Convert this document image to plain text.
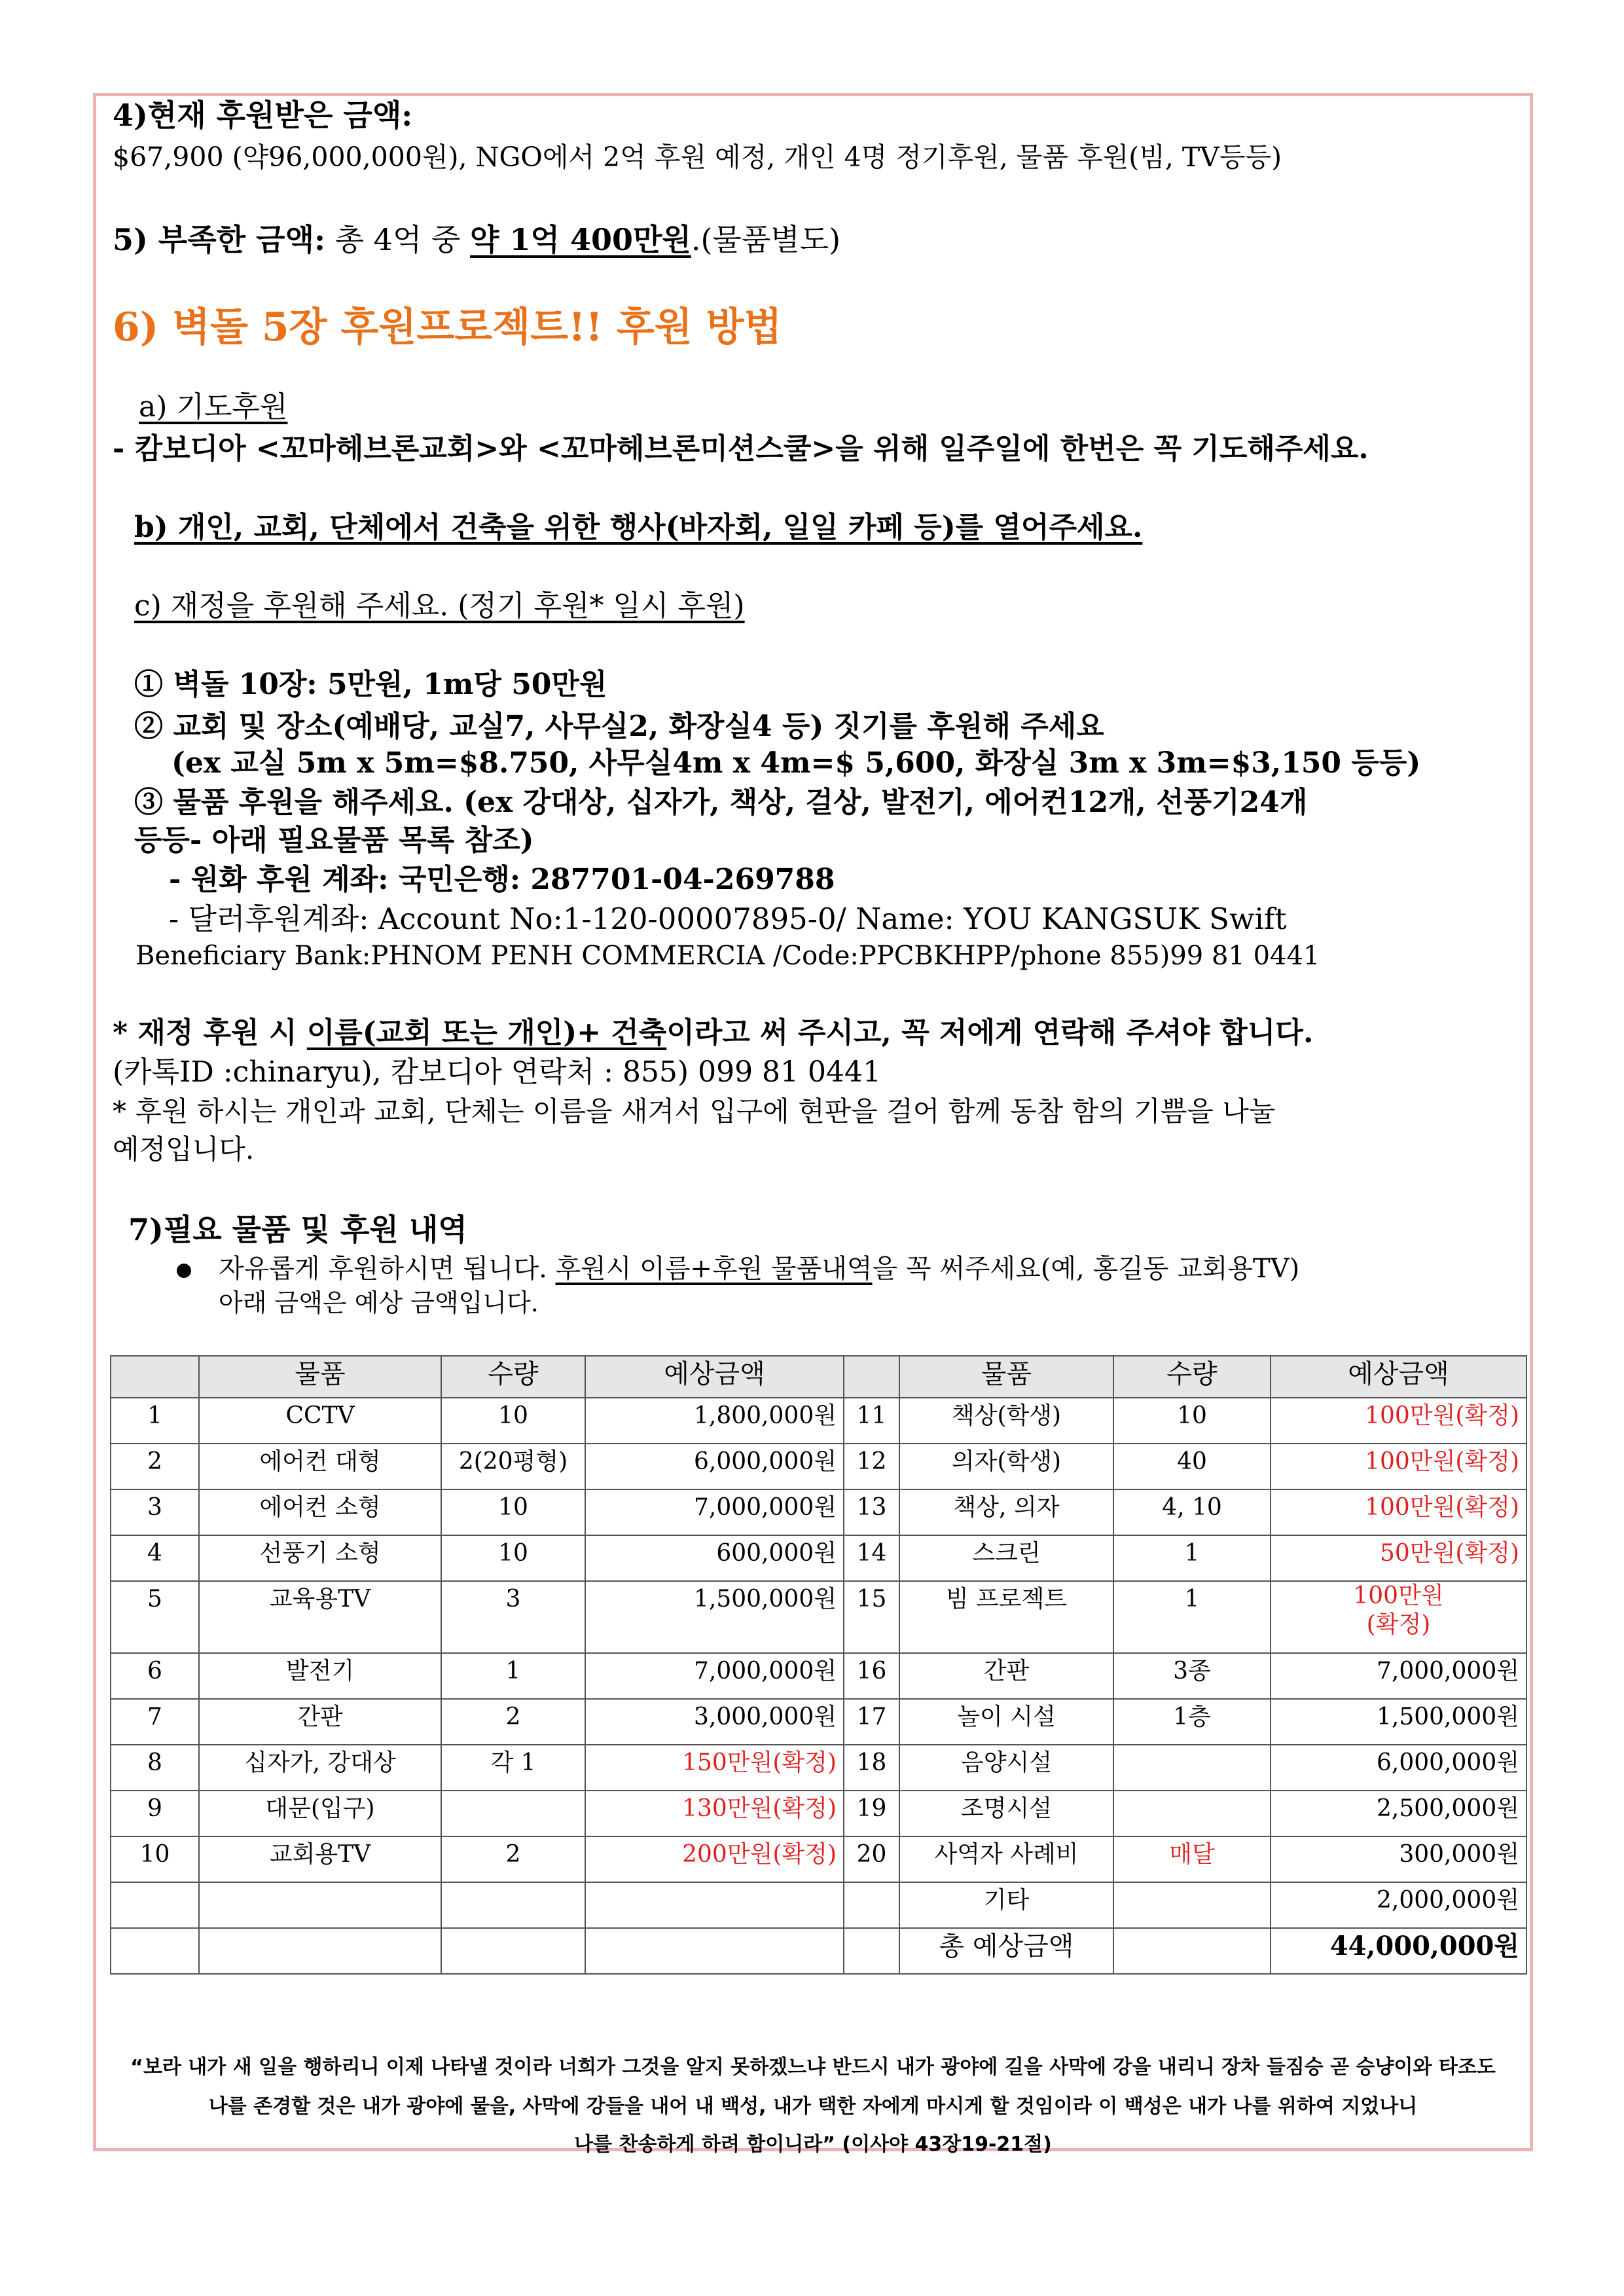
4)현재 후원받은 금액:
$67,900 (약96,000,000원), NGO에서 2억 후원 예정, 개인 4명 정기후원, 물품 후원(빔, TV등등)
5) 부족한 금액: 총 4억 중 약 1억 400만원.(물품별도)
6) 벽돌 5장 후원프로젝트!! 후원 방법
a) 기도후원
- 캄보디아 <꼬마헤브론교회>와 <꼬마헤브론미션스쿨>을 위해 일주일에 한번은 꼭 기도해주세요.
b) 개인, 교회, 단체에서 건축을 위한 행사(바자회, 일일 카페 등)를 열어주세요.
c) 재정을 후원해 주세요. (정기 후원* 일시 후원)
① 벽돌 10장: 5만원, 1m당 50만원
② 교회 및 장소(예배당, 교실7, 사무실2, 화장실4 등) 짓기를 후원해 주세요
(ex 교실 5m x 5m=$8.750, 사무실4m x 4m=$ 5,600, 화장실 3m x 3m=$3,150 등등)
③ 물품 후원을 해주세요. (ex 강대상, 십자가, 책상, 걸상, 발전기, 에어컨12개, 선풍기24개
등등- 아래 필요물품 목록 참조)
- 원화 후원 계좌: 국민은행: 287701-04-269788
- 달러후원계좌: Account No:1-120-00007895-0/ Name: YOU KANGSUK Swift
Beneficiary Bank:PHNOM PENH COMMERCIA /Code:PPCBKHPP/phone 855)99 81 0441
* 재정 후원 시 이름(교회 또는 개인)+ 건축이라고 써 주시고, 꼭 저에게 연락해 주셔야 합니다.
(카톡ID :chinaryu), 캄보디아 연락처 : 855) 099 81 0441
* 후원 하시는 개인과 교회, 단체는 이름을 새겨서 입구에 현판을 걸어 함께 동참 함의 기쁨을 나눌
예정입니다.
7)필요 물품 및 후원 내역
자유롭게 후원하시면 됩니다. 후원시 이름+후원 물품내역을 꼭 써주세요(예, 홍길동 교회용TV)
아래 금액은 예상 금액입니다.
	물품	수량	예상금액		물품	수량	예상금액
1	CCTV	10	1,800,000원	11	책상(학생)	10	100만원(확정)
2	에어컨 대형	2(20평형)	6,000,000원	12	의자(학생)	40	100만원(확정)
3	에어컨 소형	10	7,000,000원	13	책상, 의자	4, 10	100만원(확정)
4	선풍기 소형	10	600,000원	14	스크린	1	50만원(확정)
5	교육용TV	3	1,500,000원	15	빔 프로젝트	1	100만원
(확정)

6	발전기	1	7,000,000원	16	간판	3종	7,000,000원
7	간판	2	3,000,000원	17	놀이 시설	1층	1,500,000원
8	십자가, 강대상	각 1	150만원(확정)	18	음양시설		6,000,000원
9	대문(입구)		130만원(확정)	19	조명시설		2,500,000원
10	교회용TV	2	200만원(확정)	20	사역자 사례비	매달	300,000원
					기타		2,000,000원
					총 예상금액		44,000,000원
“보라 내가 새 일을 행하리니 이제 나타낼 것이라 너희가 그것을 알지 못하겠느냐 반드시 내가 광야에 길을 사막에 강을 내리니 장차 들짐승 곧 승냥이와 타조도
나를 존경할 것은 내가 광야에 물을, 사막에 강들을 내어 내 백성, 내가 택한 자에게 마시게 할 것임이라 이 백성은 내가 나를 위하여 지었나니
나를 찬송하게 하려 함이니라” (이사야 43장19-21절)
